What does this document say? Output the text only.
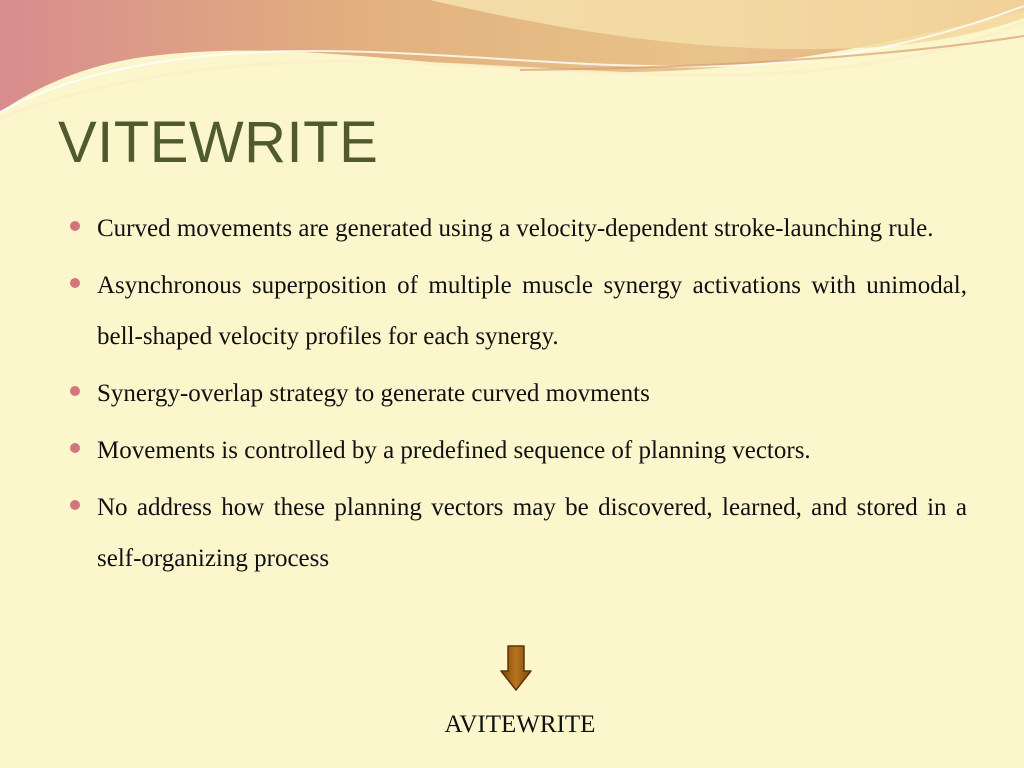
VITEWRITE
Curved movements are generated using a velocity-dependent stroke-launching rule.
Asynchronous superposition of multiple muscle synergy activations with unimodal, bell-shaped velocity profiles for each synergy.
Synergy-overlap strategy to generate curved movments
Movements is controlled by a predefined sequence of planning vectors.
No address how these planning vectors may be discovered, learned, and stored in a self-organizing process
AVITEWRITE
